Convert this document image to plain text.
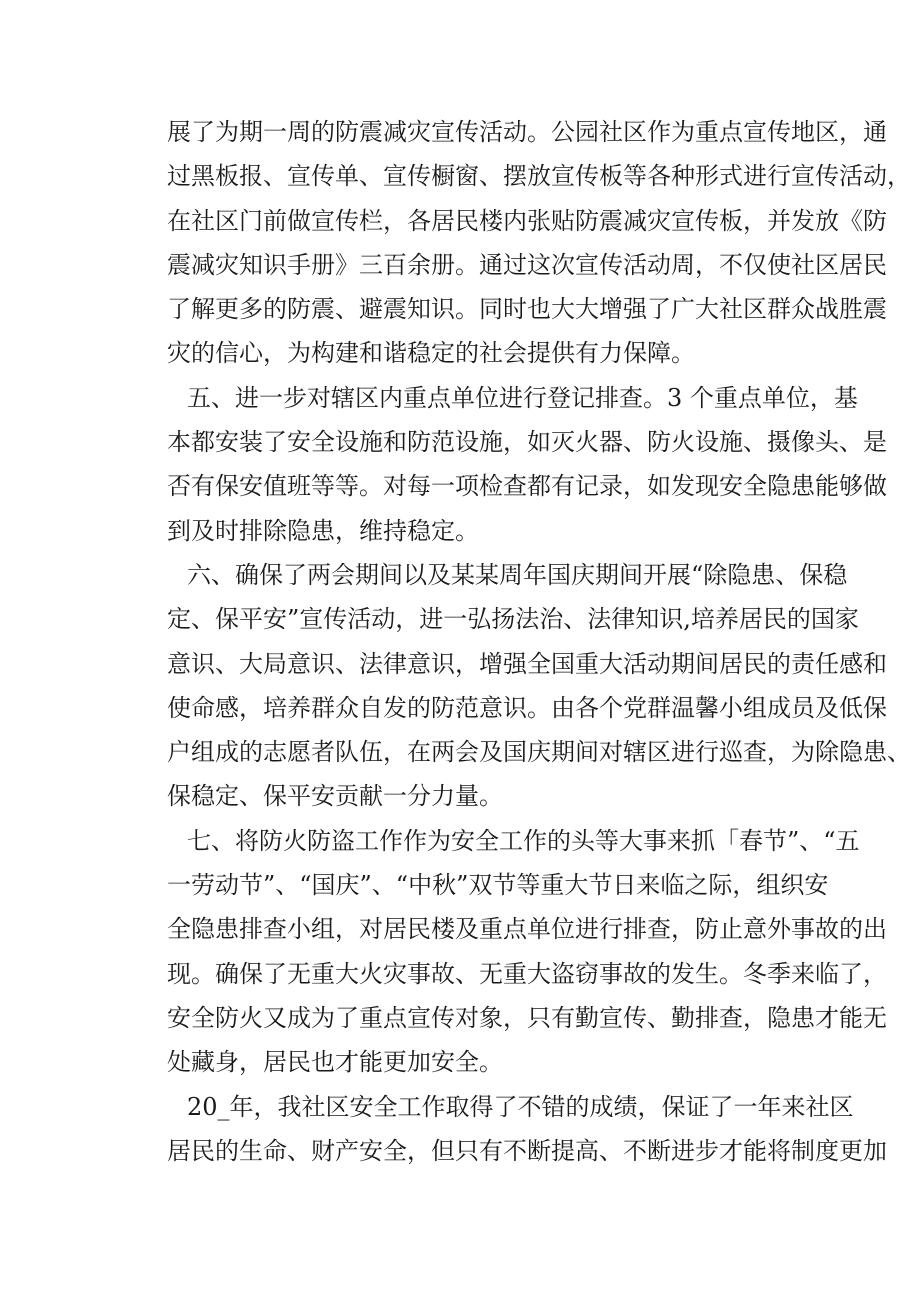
展了为期一周的防震减灾宣传活动。公园社区作为重点宣传地区，通
过黑板报、宣传单、宣传橱窗、摆放宣传板等各种形式进行宣传活动，
在社区门前做宣传栏，各居民楼内张贴防震减灾宣传板，并发放《防
震减灾知识手册》三百余册。通过这次宣传活动周，不仅使社区居民
了解更多的防震、避震知识。同时也大大增强了广大社区群众战胜震
灾的信心，为构建和谐稳定的社会提供有力保障。
五、进一步对辖区内重点单位进行登记排查。3 个重点单位，基
本都安装了安全设施和防范设施，如灭火器、防火设施、摄像头、是
否有保安值班等等。对每一项检查都有记录，如发现安全隐患能够做
到及时排除隐患，维持稳定。
六、确保了两会期间以及某某周年国庆期间开展“除隐患、保稳
定、保平安”宣传活动，进一弘扬法治、法律知识,培养居民的国家
意识、大局意识、法律意识，增强全国重大活动期间居民的责任感和
使命感，培养群众自发的防范意识。由各个党群温馨小组成员及低保
户组成的志愿者队伍，在两会及国庆期间对辖区进行巡查，为除隐患、
保稳定、保平安贡献一分力量。
七、将防火防盗工作作为安全工作的头等大事来抓「春节”、“五
一劳动节”、“国庆”、“中秋”双节等重大节日来临之际，组织安
全隐患排查小组，对居民楼及重点单位进行排查，防止意外事故的出
现。确保了无重大火灾事故、无重大盗窃事故的发生。冬季来临了，
安全防火又成为了重点宣传对象，只有勤宣传、勤排查，隐患才能无
处藏身，居民也才能更加安全。
20_年，我社区安全工作取得了不错的成绩，保证了一年来社区
居民的生命、财产安全，但只有不断提高、不断进步才能将制度更加
